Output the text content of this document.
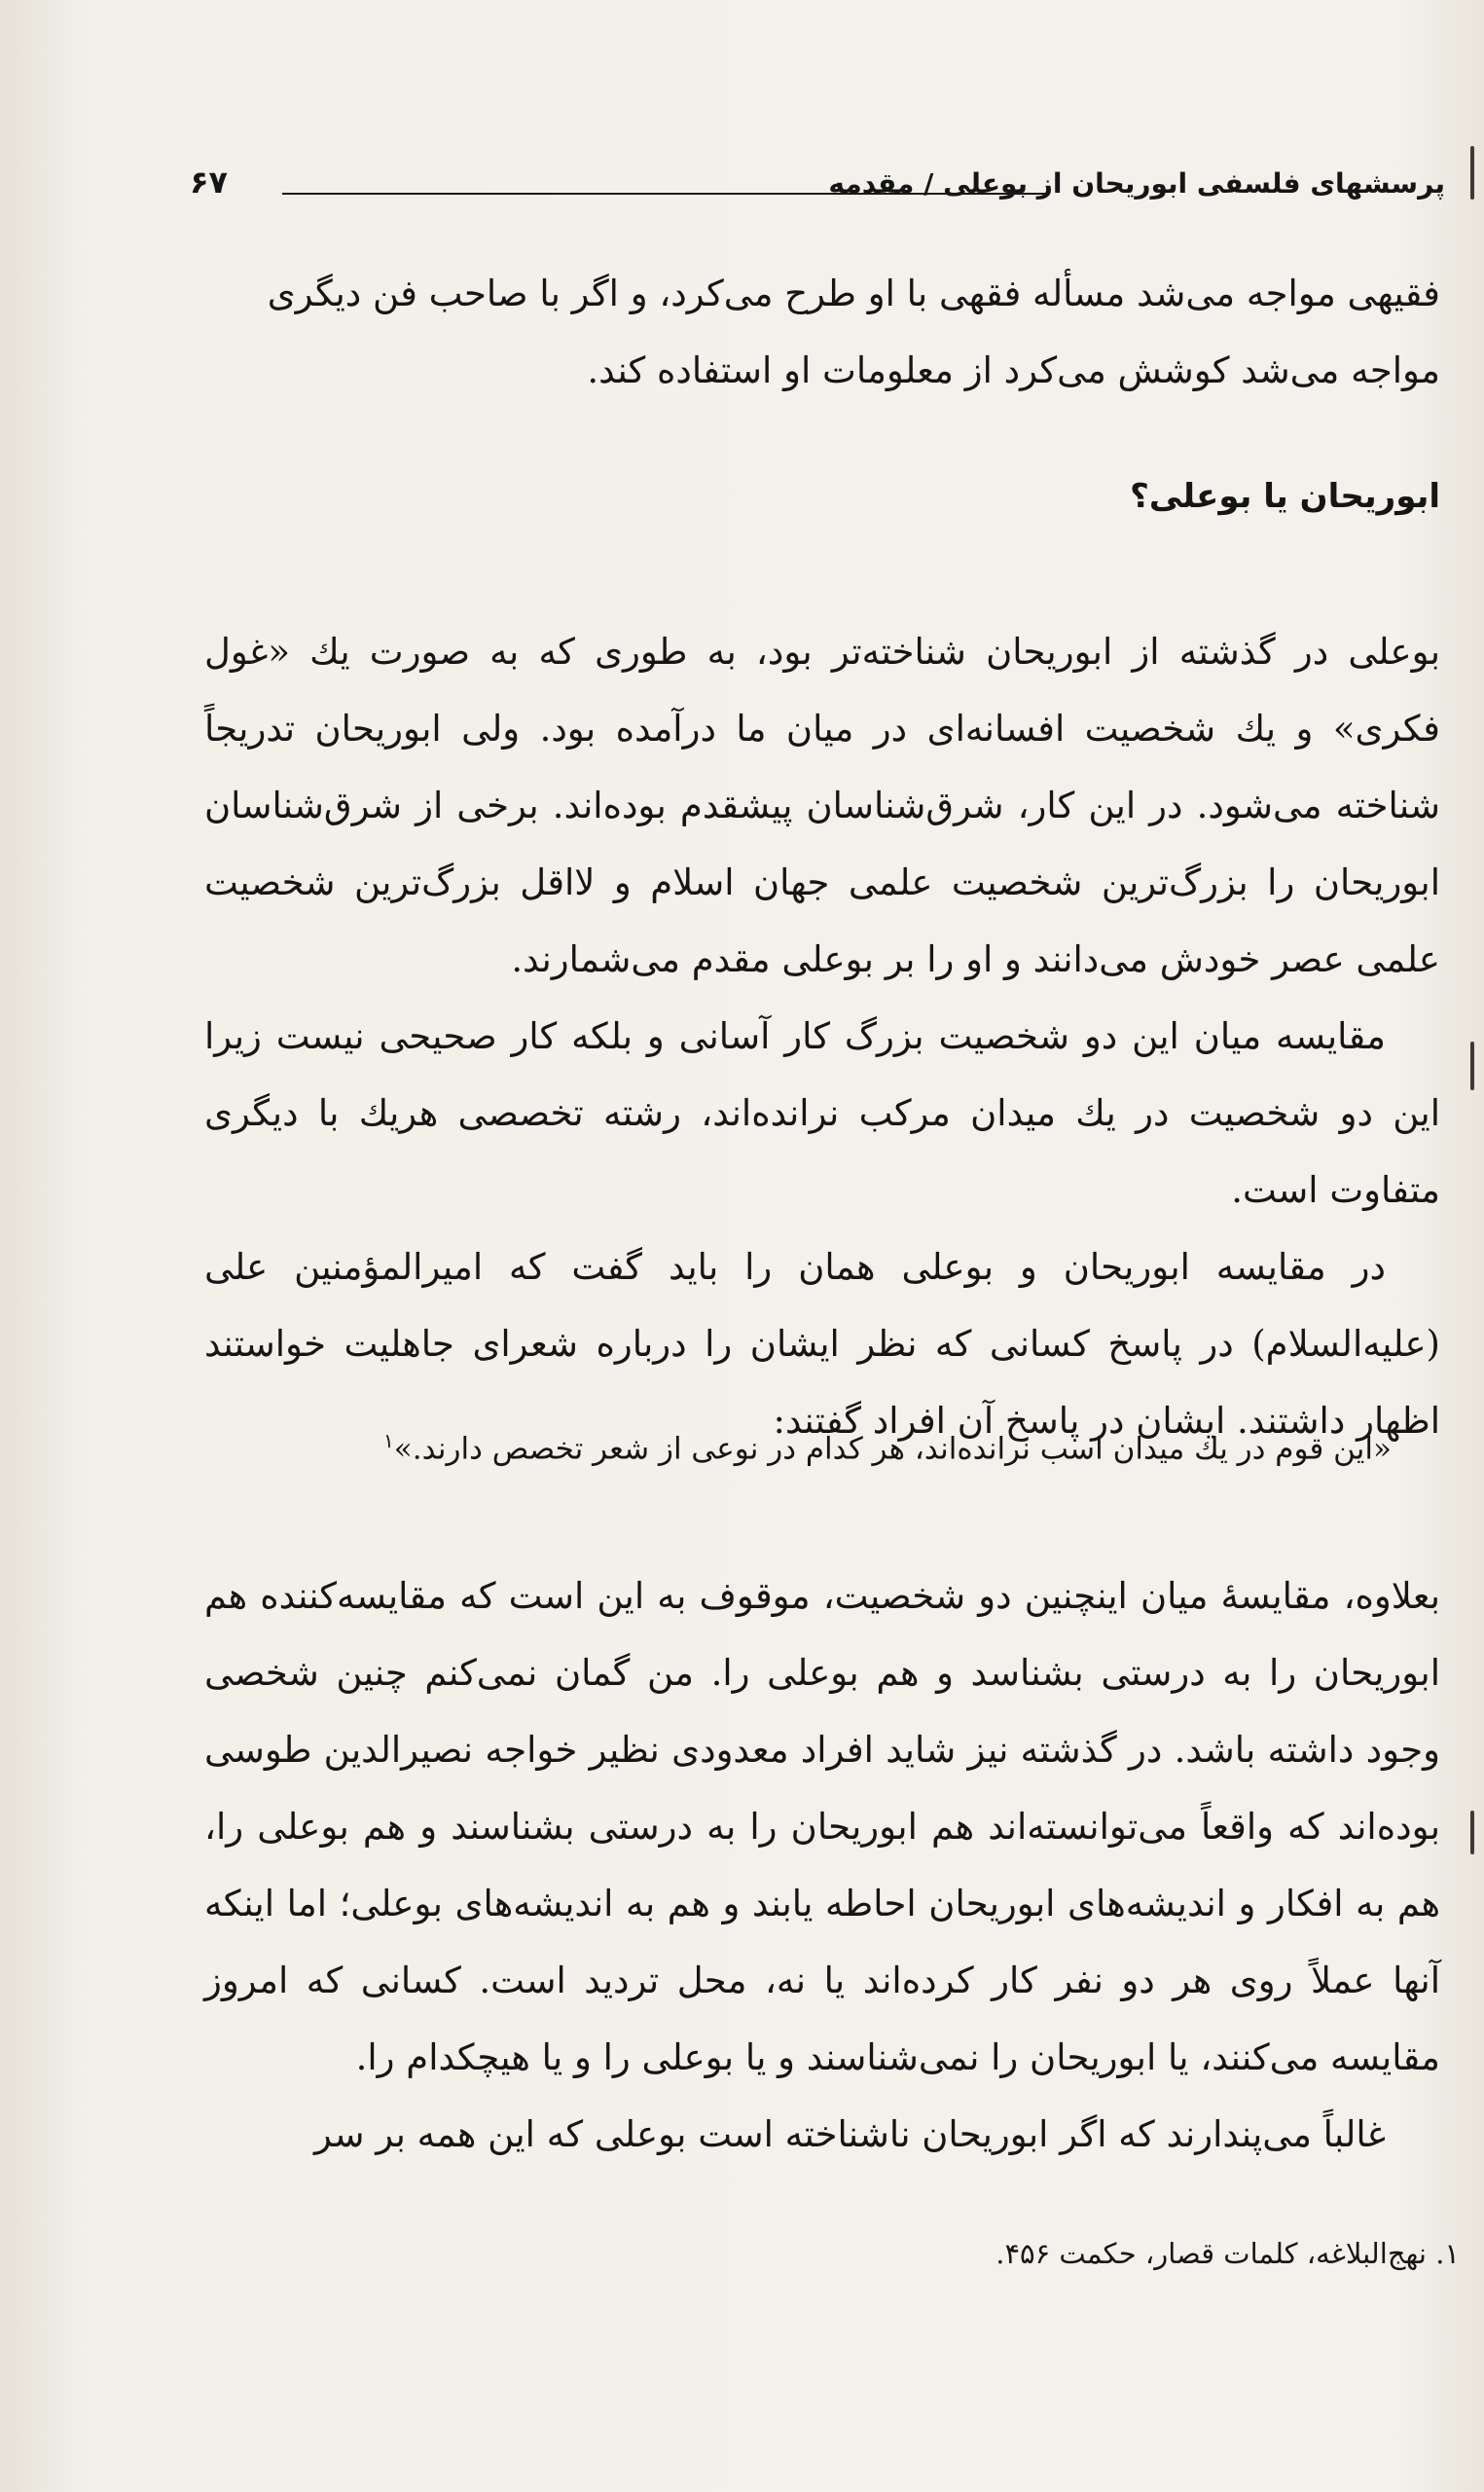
پرسشهای فلسفی ابوریحان از بوعلی / مقدمه
۶۷

فقیهی مواجه می‌شد مسأله فقهی با او طرح می‌کرد، و اگر با صاحب فن دیگری

مواجه می‌شد کوشش می‌کرد از معلومات او استفاده کند.

ابوریحان یا بوعلی؟

بوعلی در گذشته از ابوریحان شناخته‌تر بود، به طوری که به صورت یك «غول فکری» و یك شخصیت افسانه‌ای در میان ما درآمده بود. ولی ابوریحان تدریجاً شناخته می‌شود. در این کار، شرق‌شناسان پیشقدم بوده‌اند. برخی از شرق‌شناسان ابوریحان را بزرگ‌ترین شخصیت علمی جهان اسلام و لااقل بزرگ‌ترین شخصیت علمی عصر خودش می‌دانند و او را بر بوعلی مقدم می‌شمارند.

مقایسه میان این دو شخصیت بزرگ کار آسانی و بلکه کار صحیحی نیست زیرا این دو شخصیت در یك میدان مرکب نرانده‌اند، رشته تخصصی هریك با دیگری متفاوت است.

در مقایسه ابوریحان و بوعلی همان را باید گفت که امیرالمؤمنین علی (علیه‌السلام) در پاسخ کسانی که نظر ایشان را درباره شعرای جاهلیت خواستند اظهار داشتند. ایشان در پاسخ آن افراد گفتند:

«این قوم در یك میدان اسب نرانده‌اند، هر کدام در نوعی از شعر تخصص دارند.»$^۱$

بعلاوه، مقایسهٔ میان اینچنین دو شخصیت، موقوف به این است که مقایسه‌کننده هم ابوریحان را به درستی بشناسد و هم بوعلی را. من گمان نمی‌کنم چنین شخصی وجود داشته باشد. در گذشته نیز شاید افراد معدودی نظیر خواجه نصیرالدین طوسی بوده‌اند که واقعاً می‌توانسته‌اند هم ابوریحان را به درستی بشناسند و هم بوعلی را، هم به افکار و اندیشه‌های ابوریحان احاطه یابند و هم به اندیشه‌های بوعلی؛ اما اینکه آنها عملاً روی هر دو نفر کار کرده‌اند یا نه، محل تردید است. کسانی که امروز مقایسه می‌کنند، یا ابوریحان را نمی‌شناسند و یا بوعلی را و یا هیچکدام را.

غالباً می‌پندارند که اگر ابوریحان ناشناخته است بوعلی که این همه بر سر

۱. نهج‌البلاغه، کلمات قصار، حکمت ۴۵۶.
